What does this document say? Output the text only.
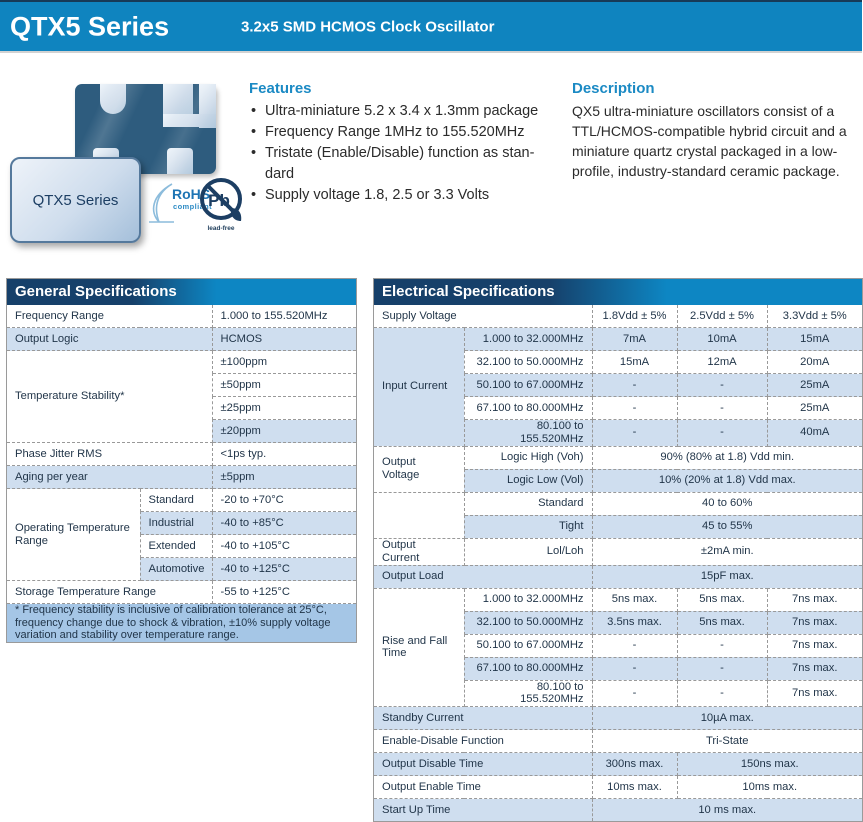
QTX5 Series	3.2x5 SMD HCMOS Clock Oscillator
QTX5 Series	RoHS
compliant
Pb
lead-free
Features
• Ultra-miniature 5.2 x 3.4 x 1.3mm package
• Frequency Range 1MHz to 155.520MHz
• Tristate (Enable/Disable) function as stan-
dard
• Supply voltage 1.8, 2.5 or 3.3 Volts
Description

QX5 ultra-miniature oscillators consist of a TTL/HCMOS-compatible hybrid circuit and a miniature quartz crystal packaged in a low-profile, industry-standard ceramic package.

General Specifications
Frequency Range		1.000 to 155.520MHz
Output Logic		HCMOS
Temperature Stability*		±100ppm
		±50ppm
		±25ppm
		±20ppm
Phase Jitter RMS		<1ps typ.
Aging per year		±5ppm
Operating Temperature Range	Standard	-20 to +70°C
	Industrial	-40 to +85°C
	Extended	-40 to +105°C
	Automotive	-40 to +125°C
Storage Temperature Range		-55 to +125°C
* Frequency stability is inclusive of calibration tolerance at 25°C, frequency change due to shock & vibration, ±10% supply voltage variation and stability over temperature range.		
Electrical Specifications
Supply Voltage		1.8Vdd ± 5%	2.5Vdd ± 5%	3.3Vdd ± 5%
Input Current	1.000 to 32.000MHz	7mA	10mA	15mA
	32.100 to 50.000MHz	15mA	12mA	20mA
	50.100 to 67.000MHz	-	-	25mA
	67.100 to 80.000MHz	-	-	25mA
	80.100 to 155.520MHz	-	-	40mA
Output Voltage	Logic High (Voh)	90% (80% at 1.8) Vdd min.		
	Logic Low (Vol)	10% (20% at 1.8) Vdd max.		
	Standard	40 to 60%		
	Tight	45 to 55%		
Output Current	Lol/Loh	±2mA min.		
Output Load		15pF max.		
Rise and Fall Time	1.000 to 32.000MHz	5ns max.	5ns max.	7ns max.
	32.100 to 50.000MHz	3.5ns max.	5ns max.	7ns max.
	50.100 to 67.000MHz	-	-	7ns max.
	67.100 to 80.000MHz	-	-	7ns max.
	80.100 to 155.520MHz	-	-	7ns max.
Standby Current		10µA max.		
Enable-Disable Function		Tri-State		
Output Disable Time		300ns max.	150ns max.	
Output Enable Time		10ms max.	10ms max.	
Start Up Time		10 ms max.		
